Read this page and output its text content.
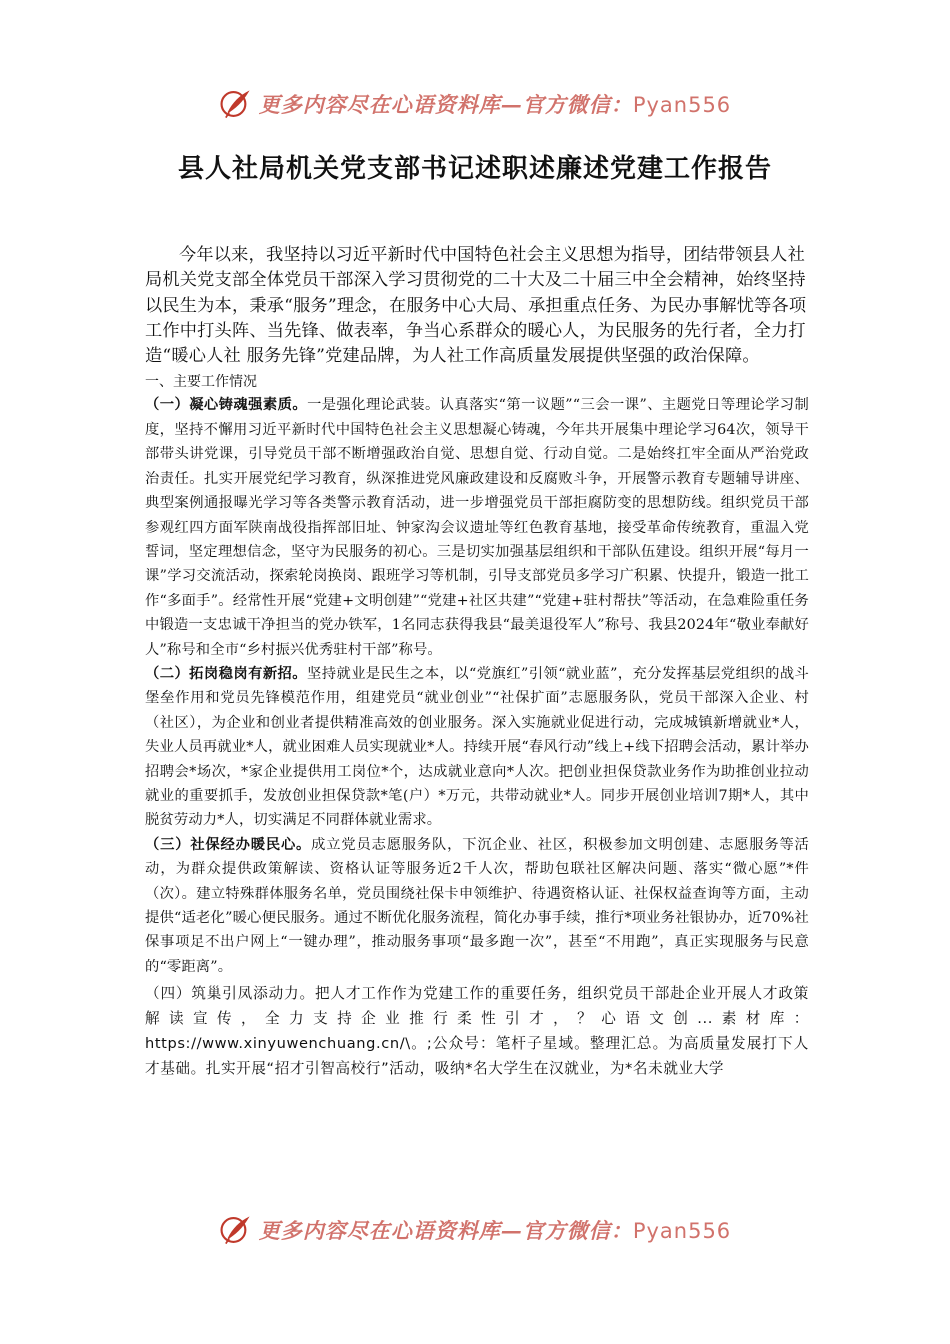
更多内容尽在心语资料库—官方微信：Pyan556
县人社局机关党支部书记述职述廉述党建工作报告

今年以来，我坚持以习近平新时代中国特色社会主义思想为指导，团结带领县人社局机关党支部全体党员干部深入学习贯彻党的二十大及二十届三中全会精神，始终坚持以民生为本，秉承“服务”理念，在服务中心大局、承担重点任务、为民办事解忧等各项工作中打头阵、当先锋、做表率，争当心系群众的暖心人，为民服务的先行者，全力打造“暖心人社 服务先锋”党建品牌，为人社工作高质量发展提供坚强的政治保障。

一、主要工作情况

（一）凝心铸魂强素质。一是强化理论武装。认真落实“第一议题”“三会一课”、主题党日等理论学习制度，坚持不懈用习近平新时代中国特色社会主义思想凝心铸魂，今年共开展集中理论学习64次，领导干部带头讲党课，引导党员干部不断增强政治自觉、思想自觉、行动自觉。二是始终扛牢全面从严治党政治责任。扎实开展党纪学习教育，纵深推进党风廉政建设和反腐败斗争，开展警示教育专题辅导讲座、典型案例通报曝光学习等各类警示教育活动，进一步增强党员干部拒腐防变的思想防线。组织党员干部参观红四方面军陕南战役指挥部旧址、钟家沟会议遗址等红色教育基地，接受革命传统教育，重温入党誓词，坚定理想信念，坚守为民服务的初心。三是切实加强基层组织和干部队伍建设。组织开展“每月一课”学习交流活动，探索轮岗换岗、跟班学习等机制，引导支部党员多学习广积累、快提升，锻造一批工作“多面手”。经常性开展“党建+文明创建”“党建+社区共建”“党建+驻村帮扶”等活动，在急难险重任务中锻造一支忠诚干净担当的党办铁军，1名同志获得我县“最美退役军人”称号、我县2024年“敬业奉献好人”称号和全市“乡村振兴优秀驻村干部”称号。

（二）拓岗稳岗有新招。坚持就业是民生之本，以“党旗红”引领“就业蓝”，充分发挥基层党组织的战斗堡垒作用和党员先锋模范作用，组建党员“就业创业”“社保扩面”志愿服务队，党员干部深入企业、村（社区），为企业和创业者提供精准高效的创业服务。深入实施就业促进行动，完成城镇新增就业*人，失业人员再就业*人，就业困难人员实现就业*人。持续开展“春风行动”线上+线下招聘会活动，累计举办招聘会*场次，*家企业提供用工岗位*个，达成就业意向*人次。把创业担保贷款业务作为助推创业拉动就业的重要抓手，发放创业担保贷款*笔(户）*万元，共带动就业*人。同步开展创业培训7期*人，其中脱贫劳动力*人，切实满足不同群体就业需求。

（三）社保经办暖民心。成立党员志愿服务队，下沉企业、社区，积极参加文明创建、志愿服务等活动，为群众提供政策解读、资格认证等服务近2千人次，帮助包联社区解决问题、落实“微心愿”*件（次）。建立特殊群体服务名单，党员围绕社保卡申领维护、待遇资格认证、社保权益查询等方面，主动提供“适老化”暖心便民服务。通过不断优化服务流程，简化办事手续，推行*项业务社银协办，近70%社保事项足不出户网上“一键办理”，推动服务事项“最多跑一次”，甚至“不用跑”，真正实现服务与民意的“零距离”。

（四）筑巢引凤添动力。把人才工作作为党建工作的重要任务，组织党员干部赴企业开展人才政策解读宣传，全力支持企业推行柔性引才，？心语文创...素材库：https://www.xinyuwenchuang.cn/\。;公众号：笔杆子星域。整理汇总。为高质量发展打下人才基础。扎实开展“招才引智高校行”活动，吸纳*名大学生在汉就业，为*名未就业大学

更多内容尽在心语资料库—官方微信：Pyan556
